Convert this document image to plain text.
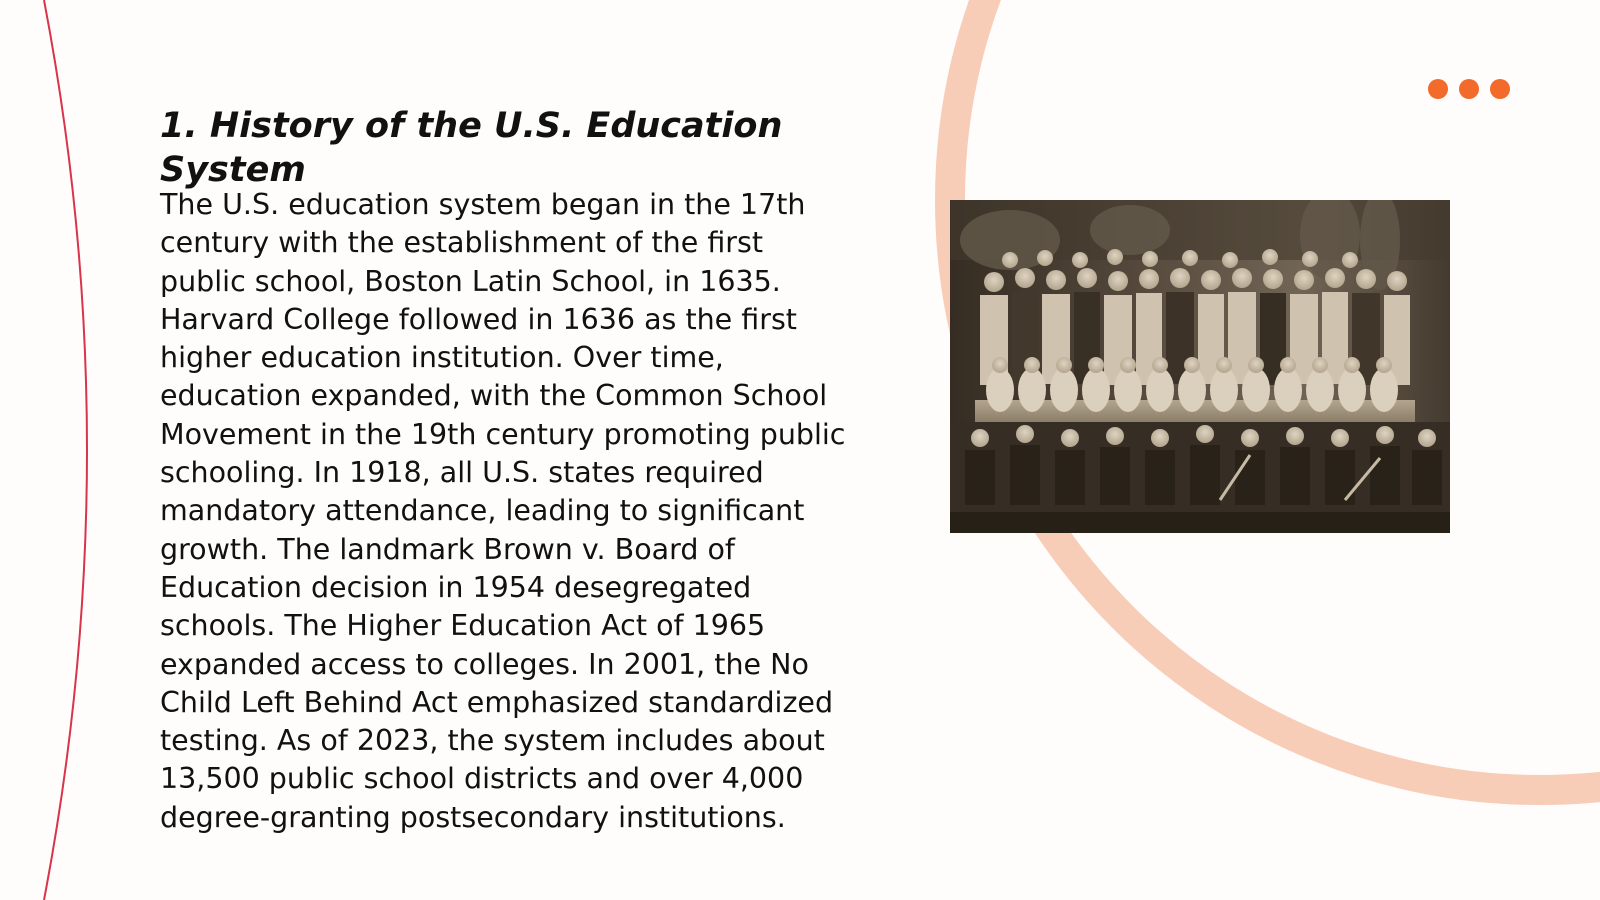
1. History of the U.S. Education System

The U.S. education system began in the 17th century with the establishment of the first public school, Boston Latin School, in 1635. Harvard College followed in 1636 as the first higher education institution. Over time, education expanded, with the Common School Movement in the 19th century promoting public schooling. In 1918, all U.S. states required mandatory attendance, leading to significant growth. The landmark Brown v. Board of Education decision in 1954 desegregated schools. The Higher Education Act of 1965 expanded access to colleges. In 2001, the No Child Left Behind Act emphasized standardized testing. As of 2023, the system includes about 13,500 public school districts and over 4,000 degree-granting postsecondary institutions.
